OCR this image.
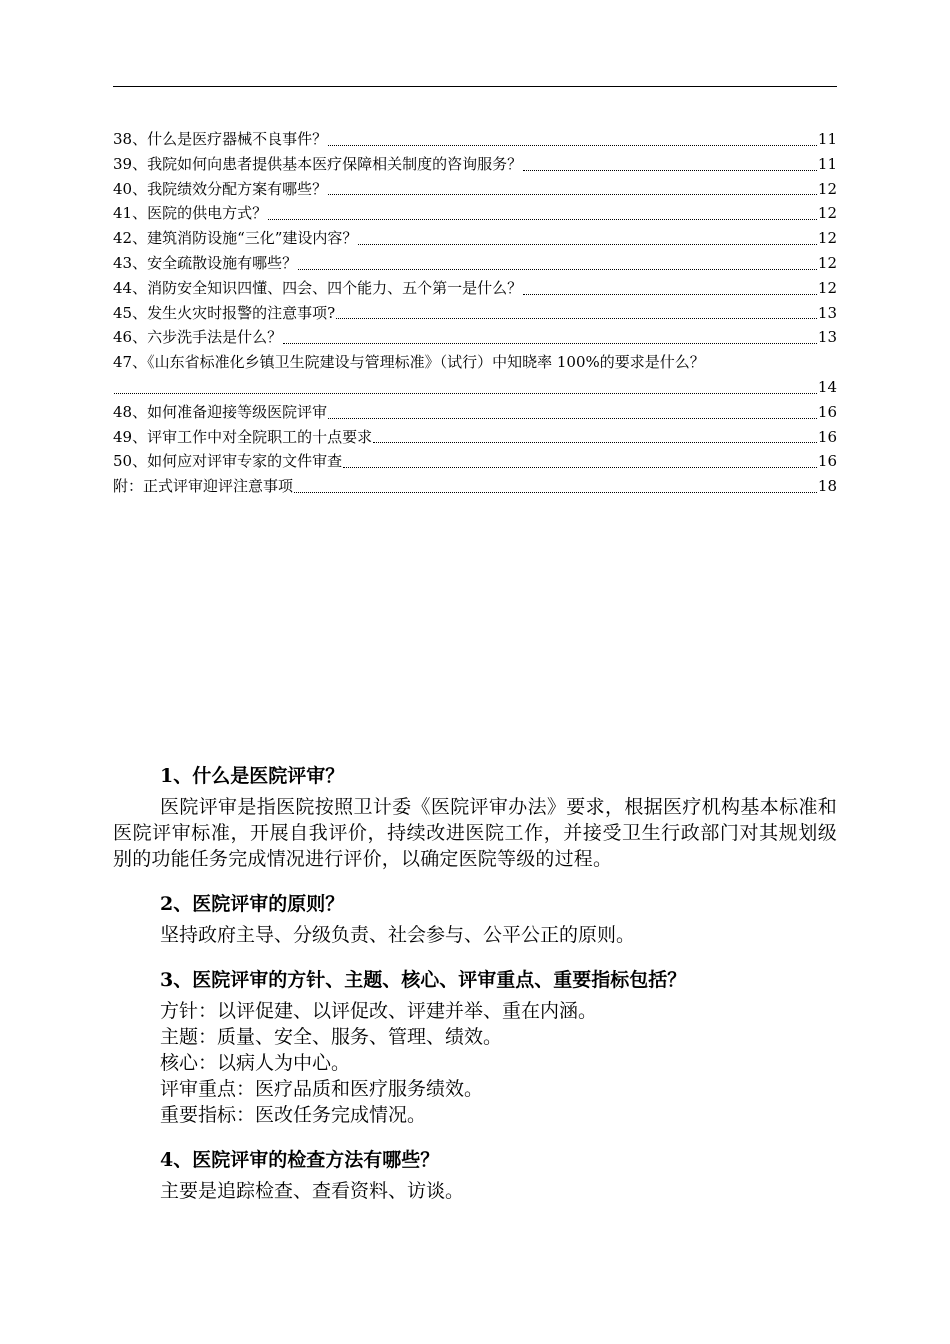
38、什么是医疗器械不良事件？	11
39、我院如何向患者提供基本医疗保障相关制度的咨询服务？	11
40、我院绩效分配方案有哪些？	12
41、医院的供电方式？	12
42、建筑消防设施“三化”建设内容？	12
43、安全疏散设施有哪些？	12
44、消防安全知识四懂、四会、四个能力、五个第一是什么？	12
45、发生火灾时报警的注意事项?	13
46、六步洗手法是什么？	13
47、《山东省标准化乡镇卫生院建设与管理标准》（试行）中知晓率 100%的要求是什么？
14
48、如何准备迎接等级医院评审	16
49、评审工作中对全院职工的十点要求	16
50、如何应对评审专家的文件审查	16
附：正式评审迎评注意事项	18

1、什么是医院评审？

医院评审是指医院按照卫计委《医院评审办法》要求，根据医疗机构基本标准和医院评审标准，开展自我评价，持续改进医院工作，并接受卫生行政部门对其规划级别的功能任务完成情况进行评价，以确定医院等级的过程。

2、医院评审的原则？

坚持政府主导、分级负责、社会参与、公平公正的原则。

3、医院评审的方针、主题、核心、评审重点、重要指标包括？

方针：以评促建、以评促改、评建并举、重在内涵。

主题：质量、安全、服务、管理、绩效。

核心：以病人为中心。

评审重点：医疗品质和医疗服务绩效。

重要指标：医改任务完成情况。

4、医院评审的检查方法有哪些？

主要是追踪检查、查看资料、访谈。
